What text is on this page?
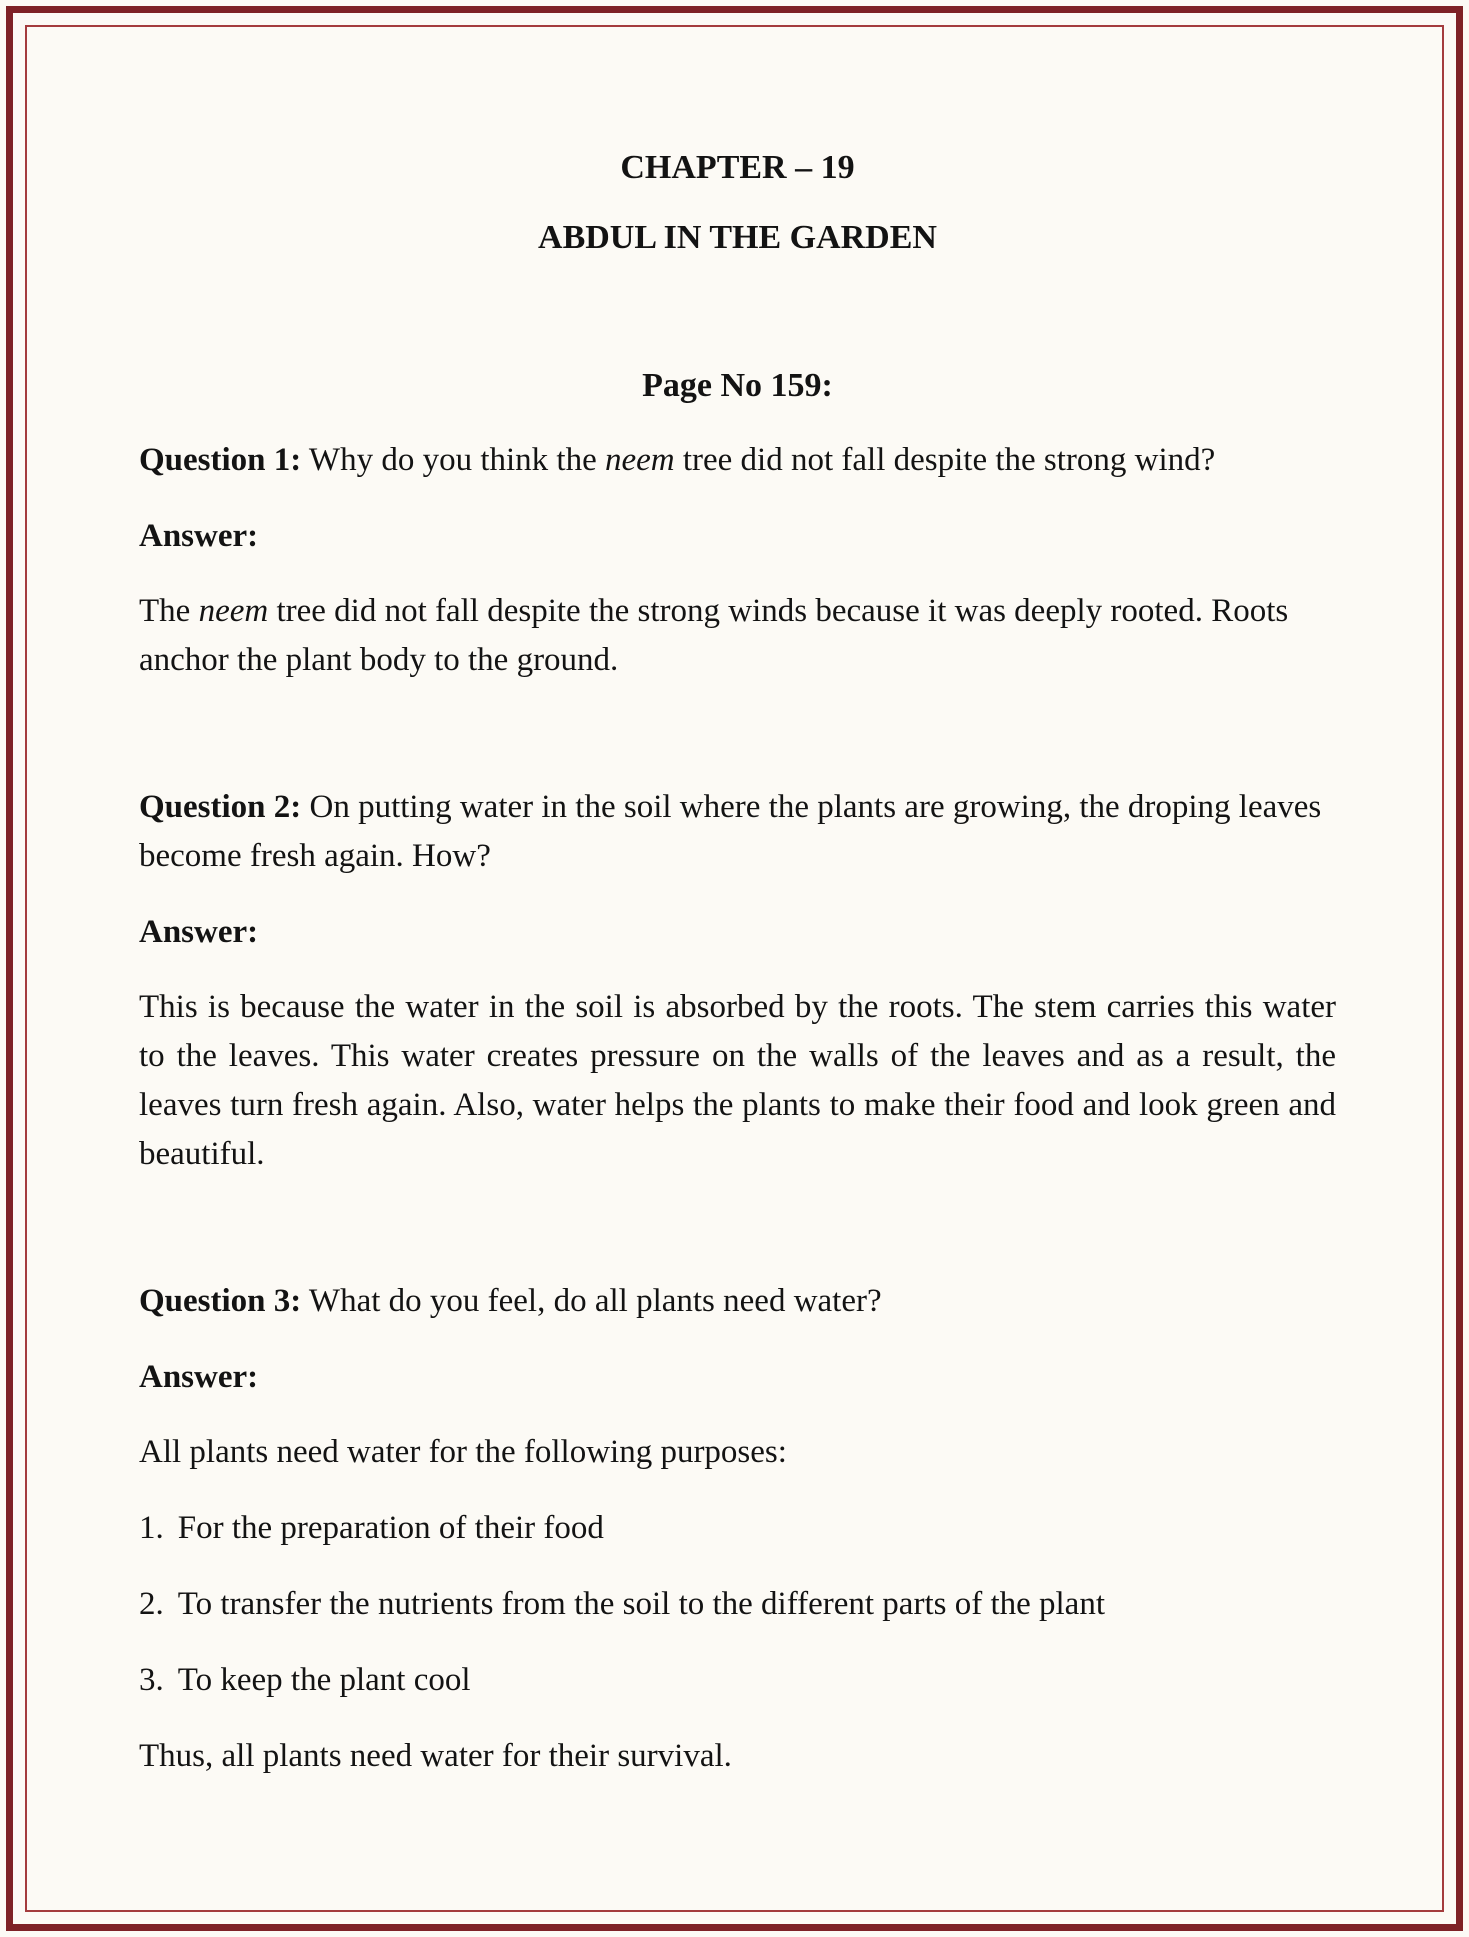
CHAPTER – 19
ABDUL IN THE GARDEN
Page No 159:

Question 1: Why do you think the neem tree did not fall despite the strong wind?

Answer:

The neem tree did not fall despite the strong winds because it was deeply rooted. Roots anchor the plant body to the ground.

Question 2: On putting water in the soil where the plants are growing, the droping leaves become fresh again. How?

Answer:

This is because the water in the soil is absorbed by the roots. The stem carries this water to the leaves. This water creates pressure on the walls of the leaves and as a result, the leaves turn fresh again. Also, water helps the plants to make their food and look green and beautiful.

Question 3: What do you feel, do all plants need water?

Answer:

All plants need water for the following purposes:

1. For the preparation of their food

2. To transfer the nutrients from the soil to the different parts of the plant

3. To keep the plant cool

Thus, all plants need water for their survival.
